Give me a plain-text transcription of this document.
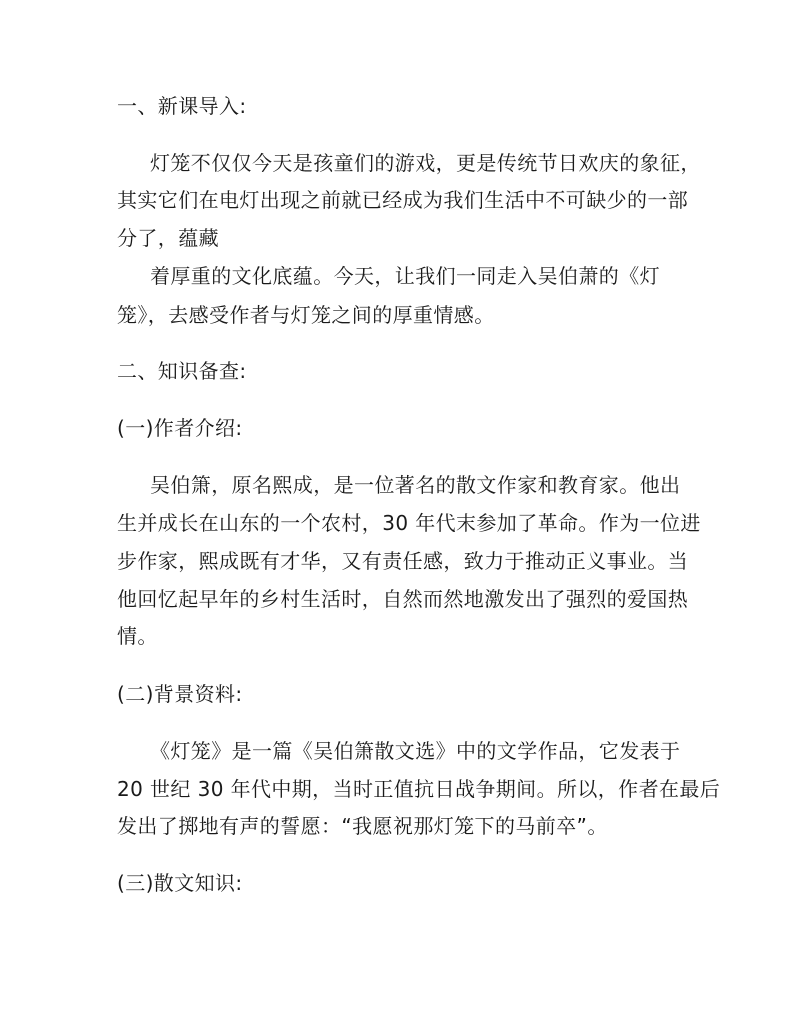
一、新课导入:

灯笼不仅仅今天是孩童们的游戏，更是传统节日欢庆的象征，

其实它们在电灯出现之前就已经成为我们生活中不可缺少的一部

分了，蕴藏

着厚重的文化底蕴。今天，让我们一同走入吴伯萧的《灯

笼》，去感受作者与灯笼之间的厚重情感。

二、知识备查:

(一)作者介绍:

吴伯箫，原名熙成，是一位著名的散文作家和教育家。他出

生并成长在山东的一个农村，30 年代末参加了革命。作为一位进

步作家，熙成既有才华，又有责任感，致力于推动正义事业。当

他回忆起早年的乡村生活时，自然而然地激发出了强烈的爱国热

情。

(二)背景资料:

《灯笼》是一篇《吴伯箫散文选》中的文学作品，它发表于

20 世纪 30 年代中期，当时正值抗日战争期间。所以，作者在最后

发出了掷地有声的誓愿：“我愿祝那灯笼下的马前卒”。

(三)散文知识:
